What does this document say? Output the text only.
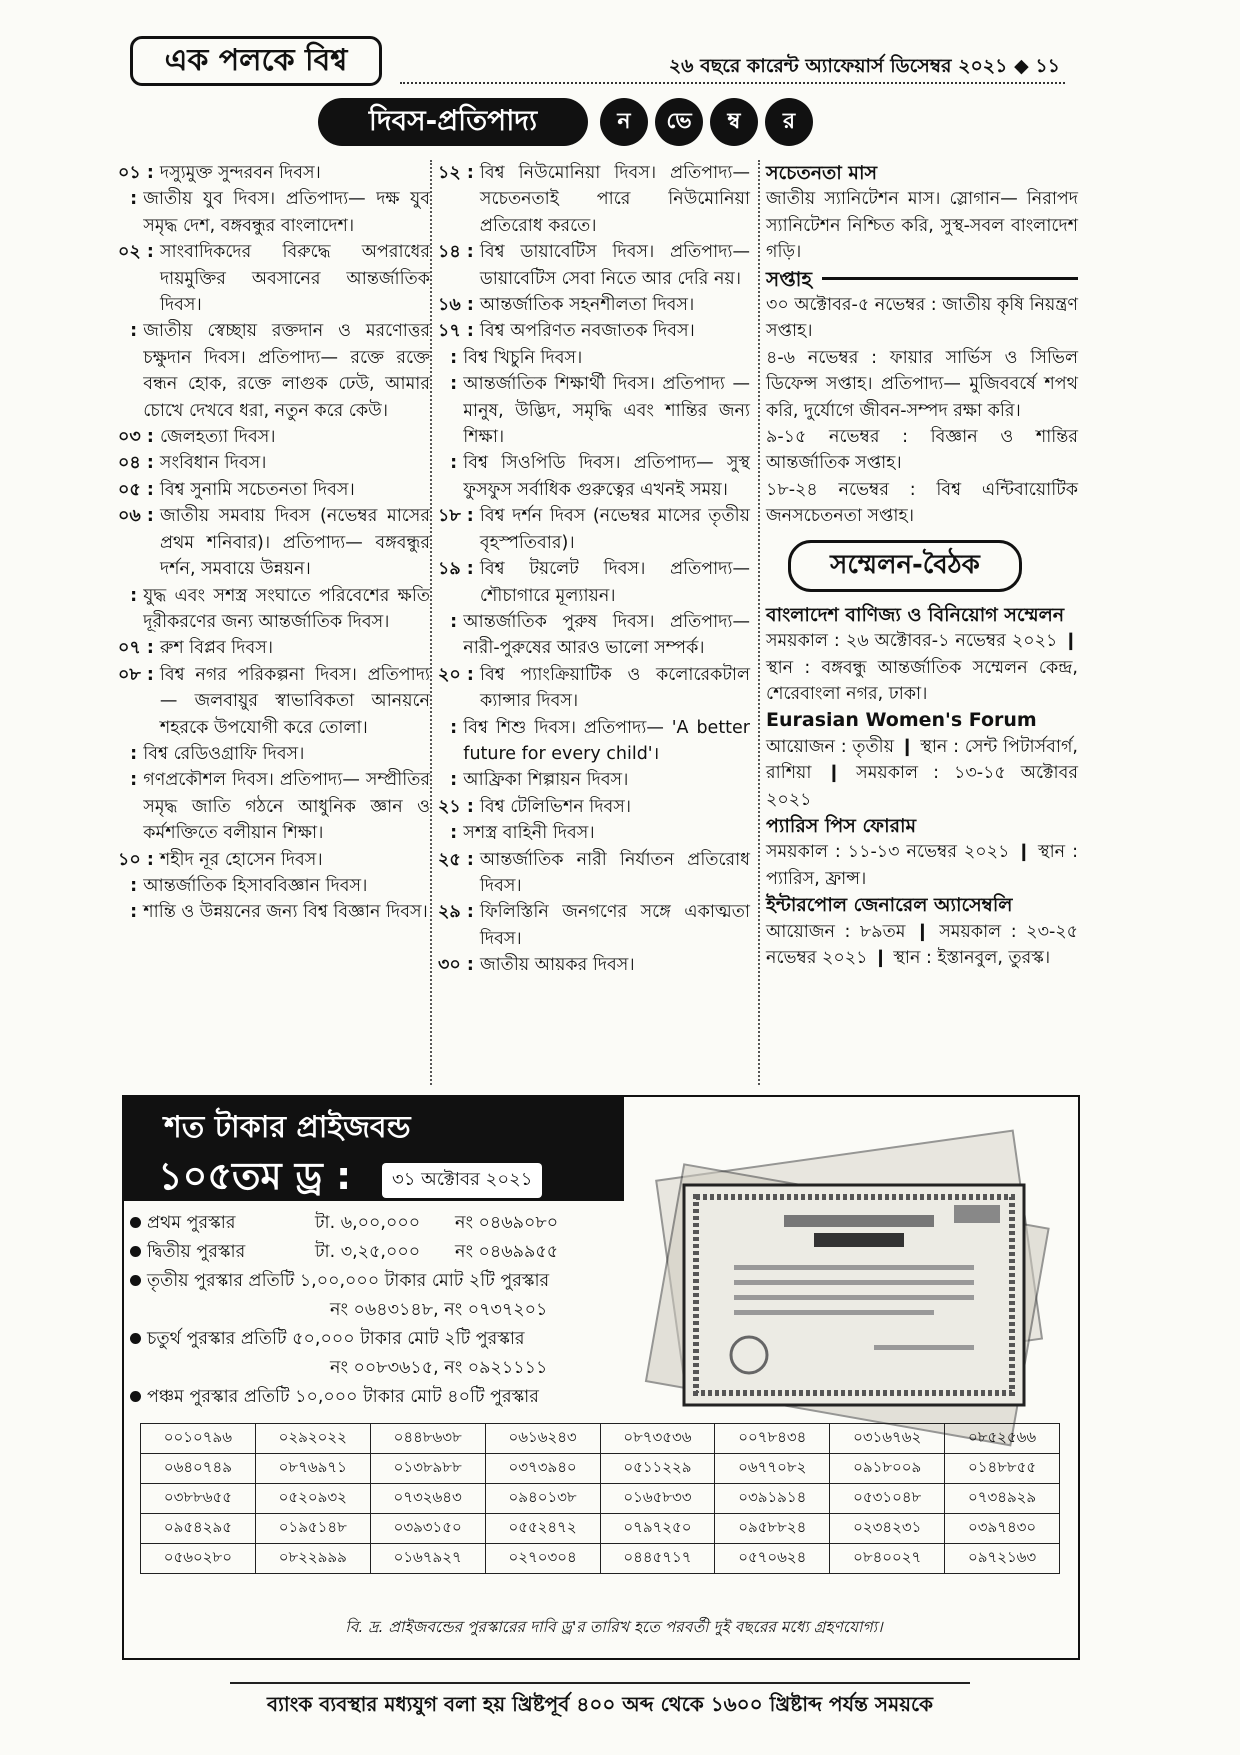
এক পলকে বিশ্ব	২৬ বছরে কারেন্ট অ্যাফেয়ার্স ডিসেম্বর ২০২১ ◆ ১১
দিবস-প্রতিপাদ্য	ন	ভে	ম্ব	র
০১ : দস্যুমুক্ত সুন্দরবন দিবস।
: জাতীয় যুব দিবস। প্রতিপাদ্য— দক্ষ যুব সমৃদ্ধ দেশ, বঙ্গবন্ধুর বাংলাদেশ।
০২ : সাংবাদিকদের বিরুদ্ধে অপরাধের দায়মুক্তির অবসানের আন্তর্জাতিক দিবস।
: জাতীয় স্বেচ্ছায় রক্তদান ও মরণোত্তর চক্ষুদান দিবস। প্রতিপাদ্য— রক্তে রক্তে বন্ধন হোক, রক্তে লাগুক ঢেউ, আমার চোখে দেখবে ধরা, নতুন করে কেউ।
০৩ : জেলহত্যা দিবস।
০৪ : সংবিধান দিবস।
০৫ : বিশ্ব সুনামি সচেতনতা দিবস।
০৬ : জাতীয় সমবায় দিবস (নভেম্বর মাসের প্রথম শনিবার)। প্রতিপাদ্য— বঙ্গবন্ধুর দর্শন, সমবায়ে উন্নয়ন।
: যুদ্ধ এবং সশস্ত্র সংঘাতে পরিবেশের ক্ষতি দূরীকরণের জন্য আন্তর্জাতিক দিবস।
০৭ : রুশ বিপ্লব দিবস।
০৮ : বিশ্ব নগর পরিকল্পনা দিবস। প্রতিপাদ্য — জলবায়ুর স্বাভাবিকতা আনয়নে শহরকে উপযোগী করে তোলা।
: বিশ্ব রেডিওগ্রাফি দিবস।
: গণপ্রকৌশল দিবস। প্রতিপাদ্য— সম্প্রীতির সমৃদ্ধ জাতি গঠনে আধুনিক জ্ঞান ও কর্মশক্তিতে বলীয়ান শিক্ষা।
১০ : শহীদ নূর হোসেন দিবস।
: আন্তর্জাতিক হিসাববিজ্ঞান দিবস।
: শান্তি ও উন্নয়নের জন্য বিশ্ব বিজ্ঞান দিবস।
১২ : বিশ্ব নিউমোনিয়া দিবস। প্রতিপাদ্য— সচেতনতাই পারে নিউমোনিয়া প্রতিরোধ করতে।
১৪ : বিশ্ব ডায়াবেটিস দিবস। প্রতিপাদ্য— ডায়াবেটিস সেবা নিতে আর দেরি নয়।
১৬ : আন্তর্জাতিক সহনশীলতা দিবস।
১৭ : বিশ্ব অপরিণত নবজাতক দিবস।
: বিশ্ব খিচুনি দিবস।
: আন্তর্জাতিক শিক্ষার্থী দিবস। প্রতিপাদ্য — মানুষ, উদ্ভিদ, সমৃদ্ধি এবং শান্তির জন্য শিক্ষা।
: বিশ্ব সিওপিডি দিবস। প্রতিপাদ্য— সুস্থ ফুসফুস সর্বাধিক গুরুত্বের এখনই সময়।
১৮ : বিশ্ব দর্শন দিবস (নভেম্বর মাসের তৃতীয় বৃহস্পতিবার)।
১৯ : বিশ্ব টয়লেট দিবস। প্রতিপাদ্য— শৌচাগারে মূল্যায়ন।
: আন্তর্জাতিক পুরুষ দিবস। প্রতিপাদ্য— নারী-পুরুষের আরও ভালো সম্পর্ক।
২০ : বিশ্ব প্যাংক্রিয়াটিক ও কলোরেকটাল ক্যান্সার দিবস।
: বিশ্ব শিশু দিবস। প্রতিপাদ্য— 'A better future for every child'।
: আফ্রিকা শিল্পায়ন দিবস।
২১ : বিশ্ব টেলিভিশন দিবস।
: সশস্ত্র বাহিনী দিবস।
২৫ : আন্তর্জাতিক নারী নির্যাতন প্রতিরোধ দিবস।
২৯ : ফিলিস্তিনি জনগণের সঙ্গে একাত্মতা দিবস।
৩০ : জাতীয় আয়কর দিবস।
সচেতনতা মাস
জাতীয় স্যানিটেশন মাস। স্লোগান— নিরাপদ স্যানিটেশন নিশ্চিত করি, সুস্থ-সবল বাংলাদেশ গড়ি।
সপ্তাহ
৩০ অক্টোবর-৫ নভেম্বর : জাতীয় কৃষি নিয়ন্ত্রণ সপ্তাহ।
৪-৬ নভেম্বর : ফায়ার সার্ভিস ও সিভিল ডিফেন্স সপ্তাহ। প্রতিপাদ্য— মুজিববর্ষে শপথ করি, দুর্যোগে জীবন-সম্পদ রক্ষা করি।
৯-১৫ নভেম্বর : বিজ্ঞান ও শান্তির আন্তর্জাতিক সপ্তাহ।
১৮-২৪ নভেম্বর : বিশ্ব এন্টিবায়োটিক জনসচেতনতা সপ্তাহ।
সম্মেলন-বৈঠক
বাংলাদেশ বাণিজ্য ও বিনিয়োগ সম্মেলন
সময়কাল : ২৬ অক্টোবর-১ নভেম্বর ২০২১ ❙ স্থান : বঙ্গবন্ধু আন্তর্জাতিক সম্মেলন কেন্দ্র, শেরেবাংলা নগর, ঢাকা।
Eurasian Women's Forum
আয়োজন : তৃতীয় ❙ স্থান : সেন্ট পিটার্সবার্গ, রাশিয়া ❙ সময়কাল : ১৩-১৫ অক্টোবর ২০২১
প্যারিস পিস ফোরাম
সময়কাল : ১১-১৩ নভেম্বর ২০২১ ❙ স্থান : প্যারিস, ফ্রান্স।
ইন্টারপোল জেনারেল অ্যাসেম্বলি
আয়োজন : ৮৯তম ❙ সময়কাল : ২৩-২৫ নভেম্বর ২০২১ ❙ স্থান : ইস্তানবুল, তুরস্ক।
শত টাকার প্রাইজবন্ড
১০৫তম ড্র :	৩১ অক্টোবর ২০২১
প্রথম পুরস্কার	টা. ৬,০০,০০০	নং ০৪৬৯০৮০
দ্বিতীয় পুরস্কার	টা. ৩,২৫,০০০	নং ০৪৬৯৯৫৫
তৃতীয় পুরস্কার প্রতিটি ১,০০,০০০ টাকার মোট ২টি পুরস্কার
নং ০৬৪৩১৪৮, নং ০৭৩৭২০১
চতুর্থ পুরস্কার প্রতিটি ৫০,০০০ টাকার মোট ২টি পুরস্কার
নং ০০৮৩৬১৫, নং ০৯২১১১১
পঞ্চম পুরস্কার প্রতিটি ১০,০০০ টাকার মোট ৪০টি পুরস্কার
০০১০৭৯৬	০২৯২০২২	০৪৪৮৬৩৮	০৬১৬২৪৩	০৮৭৩৫৩৬	০০৭৮৪৩৪	০৩১৬৭৬২	০৮৫২৫৬৬
০৬৪০৭৪৯	০৮৭৬৯৭১	০১৩৮৯৮৮	০৩৭৩৯৪০	০৫১১২২৯	০৬৭৭০৮২	০৯১৮০০৯	০১৪৮৮৫৫
০৩৮৮৬৫৫	০৫২০৯৩২	০৭৩২৬৪৩	০৯৪০১৩৮	০১৬৫৮৩৩	০৩৯১৯১৪	০৫৩১০৪৮	০৭৩৪৯২৯
০৯৫৪২৯৫	০১৯৫১৪৮	০৩৯৩১৫০	০৫৫২৪৭২	০৭৯৭২৫০	০৯৫৮৮২৪	০২৩৪২৩১	০৩৯৭৪৩০
০৫৬০২৮০	০৮২২৯৯৯	০১৬৭৯২৭	০২৭০৩০৪	০৪৪৫৭১৭	০৫৭০৬২৪	০৮৪০০২৭	০৯৭২১৬৩
বি. দ্র. প্রাইজবন্ডের পুরস্কারের দাবি ড্র'র তারিখ হতে পরবর্তী দুই বছরের মধ্যে গ্রহণযোগ্য।
ব্যাংক ব্যবস্থার মধ্যযুগ বলা হয় খ্রিষ্টপূর্ব ৪০০ অব্দ থেকে ১৬০০ খ্রিষ্টাব্দ পর্যন্ত সময়কে
